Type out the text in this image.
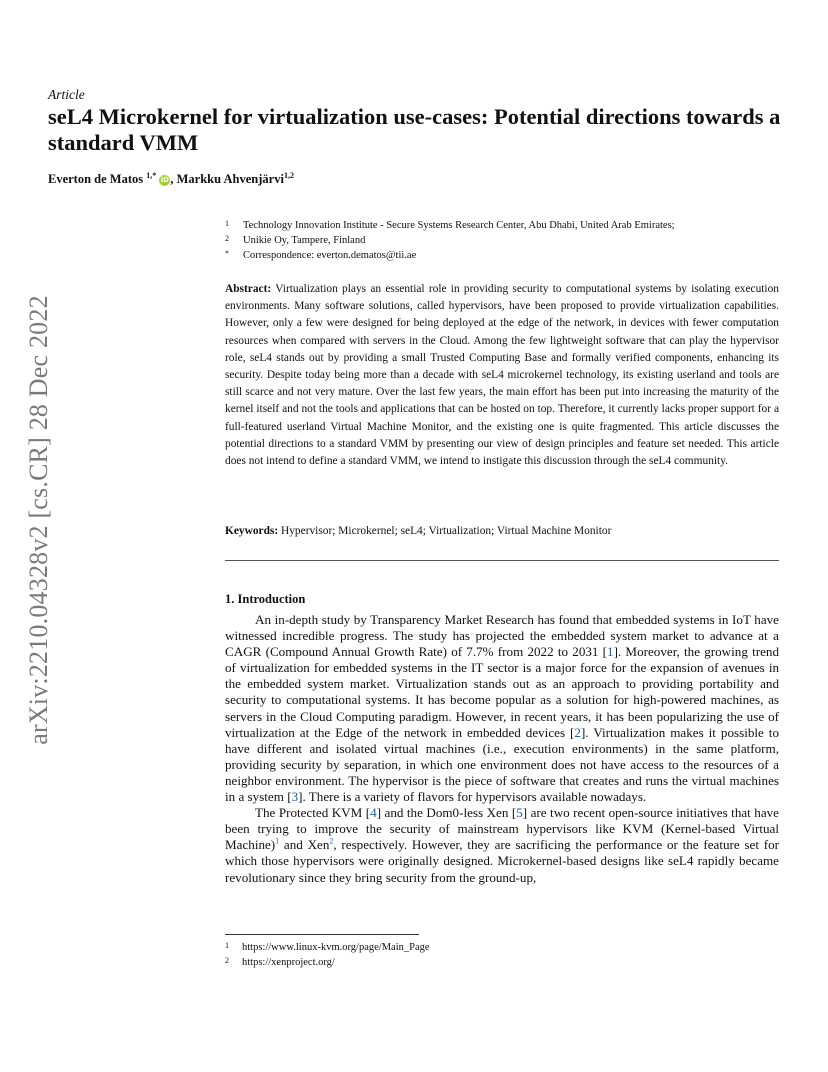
arXiv:2210.04328v2 [cs.CR] 28 Dec 2022
Article
seL4 Microkernel for virtualization use-cases: Potential directions towards a standard VMM
Everton de Matos $^{1,*}$ iD, Markku Ahvenjärvi$^{1,2}$
1 Technology Innovation Institute - Secure Systems Research Center, Abu Dhabi, United Arab Emirates;
2 Unikie Oy, Tampere, Finland
* Correspondence: everton.dematos@tii.ae

Abstract: Virtualization plays an essential role in providing security to computational systems by isolating execution environments. Many software solutions, called hypervisors, have been proposed to provide virtualization capabilities. However, only a few were designed for being deployed at the edge of the network, in devices with fewer computation resources when compared with servers in the Cloud. Among the few lightweight software that can play the hypervisor role, seL4 stands out by providing a small Trusted Computing Base and formally verified components, enhancing its security. Despite today being more than a decade with seL4 microkernel technology, its existing userland and tools are still scarce and not very mature. Over the last few years, the main effort has been put into increasing the maturity of the kernel itself and not the tools and applications that can be hosted on top. Therefore, it currently lacks proper support for a full-featured userland Virtual Machine Monitor, and the existing one is quite fragmented. This article discusses the potential directions to a standard VMM by presenting our view of design principles and feature set needed. This article does not intend to define a standard VMM, we intend to instigate this discussion through the seL4 community.

Keywords: Hypervisor; Microkernel; seL4; Virtualization; Virtual Machine Monitor
1. Introduction

An in-depth study by Transparency Market Research has found that embedded systems in IoT have witnessed incredible progress. The study has projected the embedded system market to advance at a CAGR (Compound Annual Growth Rate) of 7.7% from 2022 to 2031 [1]. Moreover, the growing trend of virtualization for embedded systems in the IT sector is a major force for the expansion of avenues in the embedded system market. Virtualization stands out as an approach to providing portability and security to computational systems. It has become popular as a solution for high-powered machines, as servers in the Cloud Computing paradigm. However, in recent years, it has been popularizing the use of virtualization at the Edge of the network in embedded devices [2]. Virtualization makes it possible to have different and isolated virtual machines (i.e., execution environments) in the same platform, providing security by separation, in which one environment does not have access to the resources of a neighbor environment. The hypervisor is the piece of software that creates and runs the virtual machines in a system [3]. There is a variety of flavors for hypervisors available nowadays.

The Protected KVM [4] and the Dom0-less Xen [5] are two recent open-source initiatives that have been trying to improve the security of mainstream hypervisors like KVM (Kernel-based Virtual Machine)$^1$ and Xen$^2$, respectively. However, they are sacrificing the performance or the feature set for which those hypervisors were originally designed. Microkernel-based designs like seL4 rapidly became revolutionary since they bring security from the ground-up,

1 https://www.linux-kvm.org/page/Main_Page
2 https://xenproject.org/
